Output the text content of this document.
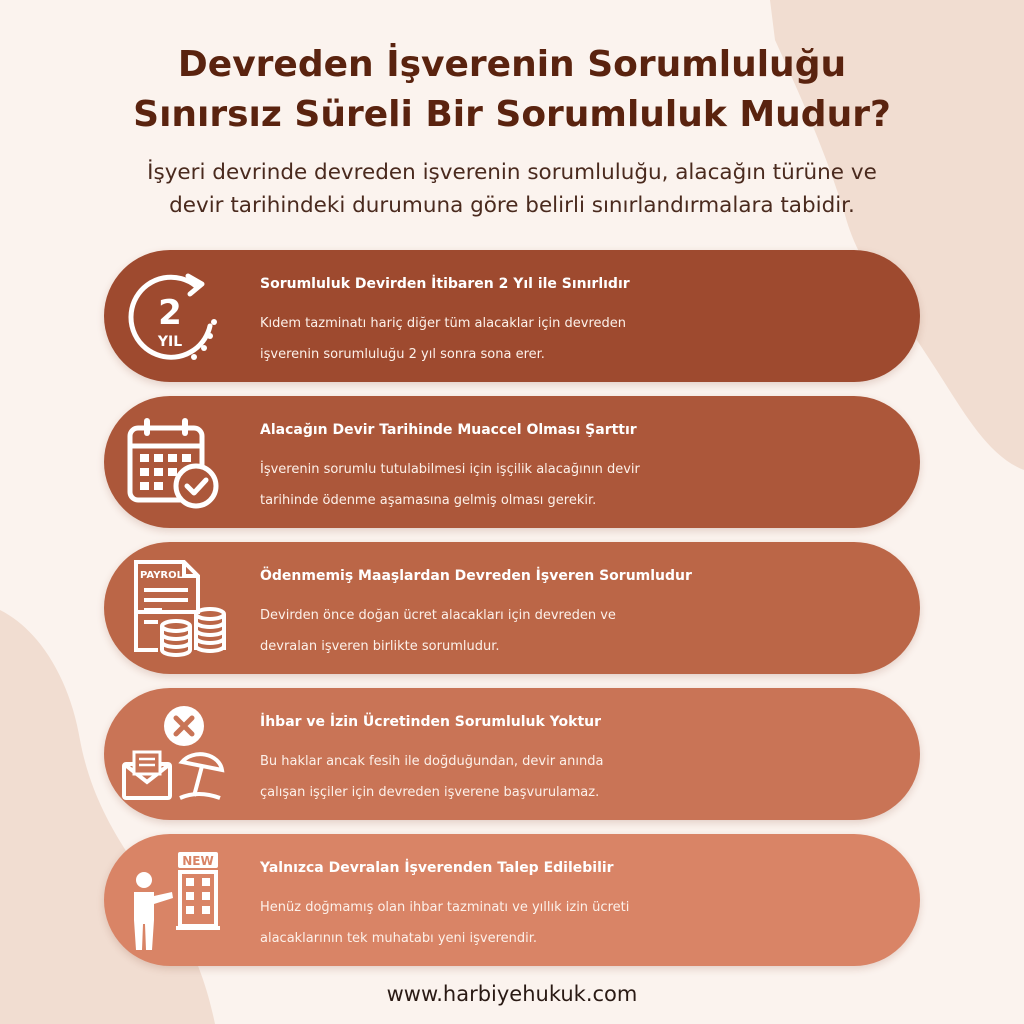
Devreden İşverenin Sorumluluğu
Sınırsız Süreli Bir Sorumluluk Mudur?
İşyeri devrinde devreden işverenin sorumluluğu, alacağın türüne ve
devir tarihindeki durumuna göre belirli sınırlandırmalara tabidir.
2
YIL
Sorumluluk Devirden İtibaren 2 Yıl ile Sınırlıdır
Kıdem tazminatı hariç diğer tüm alacaklar için devreden
işverenin sorumluluğu 2 yıl sonra sona erer.
Alacağın Devir Tarihinde Muaccel Olması Şarttır
İşverenin sorumlu tutulabilmesi için işçilik alacağının devir
tarihinde ödenme aşamasına gelmiş olması gerekir.
PAYROLL	Ödenmemiş Maaşlardan Devreden İşveren Sorumludur
Devirden önce doğan ücret alacakları için devreden ve
devralan işveren birlikte sorumludur.
İhbar ve İzin Ücretinden Sorumluluk Yoktur
Bu haklar ancak fesih ile doğduğundan, devir anında
çalışan işçiler için devreden işverene başvurulamaz.
NEW	Yalnızca Devralan İşverenden Talep Edilebilir
Henüz doğmamış olan ihbar tazminatı ve yıllık izin ücreti
alacaklarının tek muhatabı yeni işverendir.
www.harbiyehukuk.com
